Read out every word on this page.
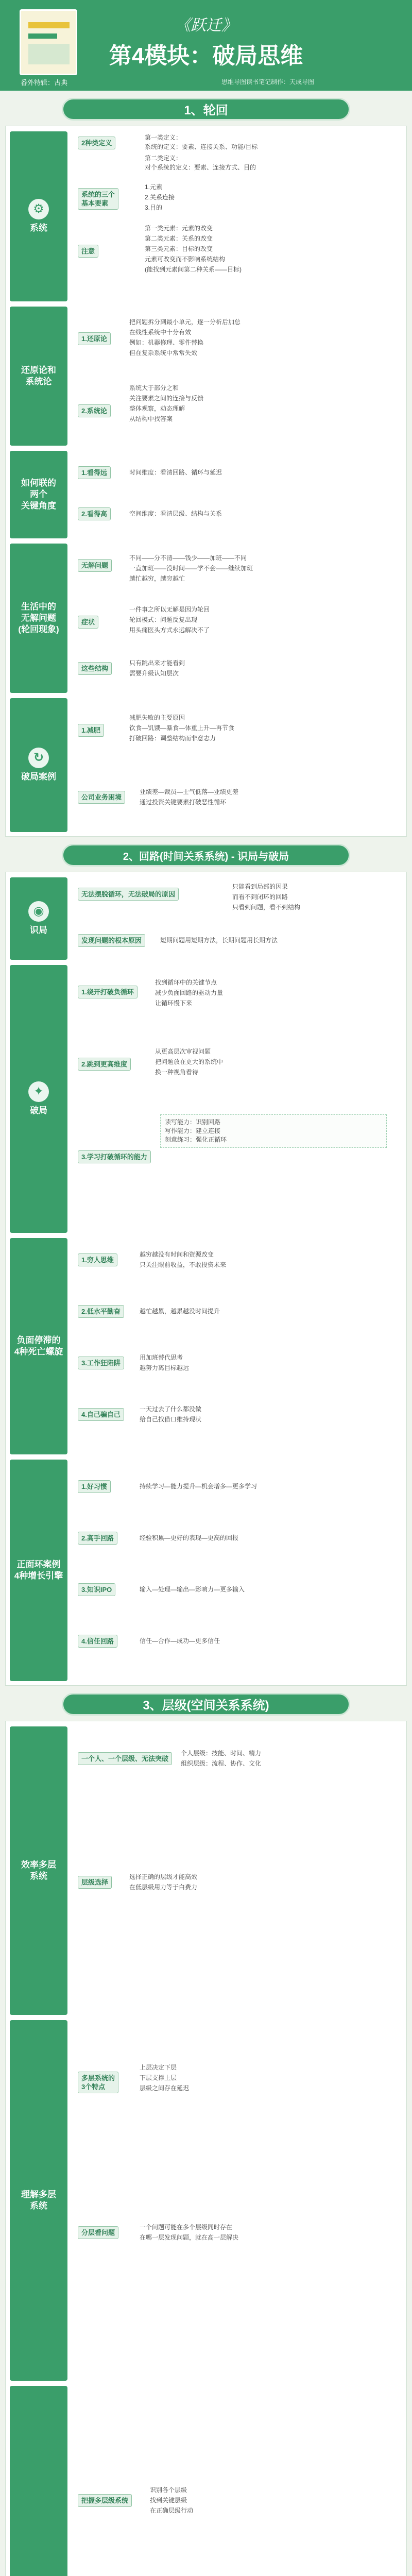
《跃迁》
第4模块：破局思维
番外特辑：古典	思维导图读书笔记制作：天成导图
1、轮回
⚙
系统
还原论和
系统论
如何联的
两个
关键角度
生活中的
无解问题
(轮回现象)
↻
破局案例
2种类定义
第一类定义：
系统的定义：要素、连接关系、功能/目标
第二类定义：
对个系统的定义：要素、连接方式、目的
系统的三个
基本要素
1.元素
2.关系连接
3.目的
注意
第一类元素：元素的改变
第二类元素：关系的改变
第三类元素：目标的改变
元素可改变而不影响系统结构
(能找到元素间第二种关系——目标)
1.还原论
把问题拆分到最小单元，逐一分析后加总
在线性系统中十分有效
例如：机器修理、零件替换
但在复杂系统中常常失效
2.系统论
系统大于部分之和
关注要素之间的连接与反馈
整体观察，动态理解
从结构中找答案
1.看得远	时间维度：看清回路、循环与延迟
2.看得高	空间维度：看清层级、结构与关系
无解问题
不同——分不清——钱少——加班——不同
一直加班——没时间——学不会——继续加班
越忙越穷，越穷越忙
症状
一件事之所以无解是因为轮回
轮回模式：问题反复出现
用头痛医头方式永远解决不了
这些结构
只有跳出来才能看到
需要升级认知层次
1.减肥
减肥失败的主要原因
饮食—饥饿—暴食—体重上升—再节食
打破回路：调整结构而非意志力
公司业务困境
业绩差—裁员—士气低落—业绩更差
通过投资关键要素打破恶性循环
2、回路(时间关系系统) - 识局与破局
◉
识局
✦
破局
负面停滞的
4种死亡螺旋
正面环案例
4种增长引擎
无法摆脱循环，无法破局的原因
只能看到局部的因果
而看不到闭环的回路
只看到问题，看不到结构
发现问题的根本原因	短期问题用短期方法，长期问题用长期方法
1.绕开打破负循环
找到循环中的关键节点
减少负面回路的驱动力量
让循环慢下来
2.跳到更高维度
从更高层次审视问题
把问题放在更大的系统中
换一种视角看待
3.学习打破循环的能力
读写能力：识别回路
写作能力：建立连接
刻意练习：强化正循环
1.穷人思维
越穷越没有时间和资源改变
只关注眼前收益，不敢投资未来
2.低水平勤奋	越忙越累，越累越没时间提升
3.工作狂陷阱
用加班替代思考
越努力离目标越远
4.自己骗自己
一天过去了什么都没做
给自己找借口维持现状
1.好习惯	持续学习—能力提升—机会增多—更多学习
2.高手回路	经验积累—更好的表现—更高的回报
3.知识IPO	输入—处理—输出—影响力—更多输入
4.信任回路	信任—合作—成功—更多信任
3、层级(空间关系系统)
效率多层
系统
理解多层
系统
一个人、一个层级、无法突破
个人层级：技能、时间、精力
组织层级：流程、协作、文化
层级选择
选择正确的层级才能高效
在低层级用力等于白费力
多层系统的
3个特点
上层决定下层
下层支撑上层
层级之间存在延迟
分层看问题
一个问题可能在多个层级同时存在
在哪一层发现问题，就在高一层解决
把握多层级系统
识别各个层级
找到关键层级
在正确层级行动
